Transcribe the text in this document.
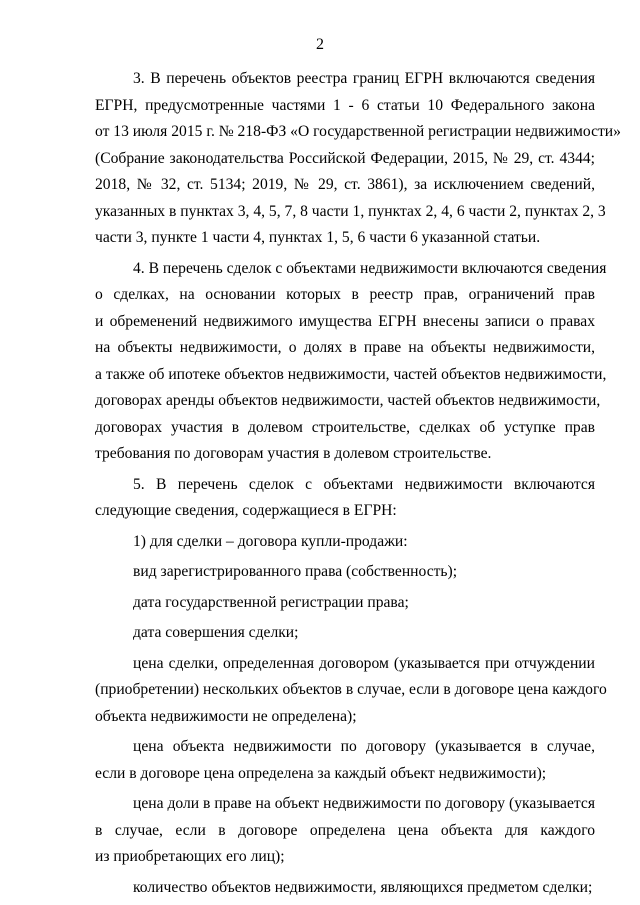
2
3. В перечень объектов реестра границ ЕГРН включаются сведения
ЕГРН, предусмотренные частями 1 - 6 статьи 10 Федерального закона
от 13 июля 2015 г. № 218-ФЗ «О государственной регистрации недвижимости»
(Собрание законодательства Российской Федерации, 2015, № 29, ст. 4344;
2018, № 32, ст. 5134; 2019, № 29, ст. 3861), за исключением сведений,
указанных в пунктах 3, 4, 5, 7, 8 части 1, пунктах 2, 4, 6 части 2, пунктах 2, 3
части 3, пункте 1 части 4, пунктах 1, 5, 6 части 6 указанной статьи.
4. В перечень сделок с объектами недвижимости включаются сведения
о сделках, на основании которых в реестр прав, ограничений прав
и обременений недвижимого имущества ЕГРН внесены записи о правах
на объекты недвижимости, о долях в праве на объекты недвижимости,
а также об ипотеке объектов недвижимости, частей объектов недвижимости,
договорах аренды объектов недвижимости, частей объектов недвижимости,
договорах участия в долевом строительстве, сделках об уступке прав
требования по договорам участия в долевом строительстве.
5. В перечень сделок с объектами недвижимости включаются
следующие сведения, содержащиеся в ЕГРН:
1) для сделки – договора купли-продажи:
вид зарегистрированного права (собственность);
дата государственной регистрации права;
дата совершения сделки;
цена сделки, определенная договором (указывается при отчуждении
(приобретении) нескольких объектов в случае, если в договоре цена каждого
объекта недвижимости не определена);
цена объекта недвижимости по договору (указывается в случае,
если в договоре цена определена за каждый объект недвижимости);
цена доли в праве на объект недвижимости по договору (указывается
в случае, если в договоре определена цена объекта для каждого
из приобретающих его лиц);
количество объектов недвижимости, являющихся предметом сделки;
